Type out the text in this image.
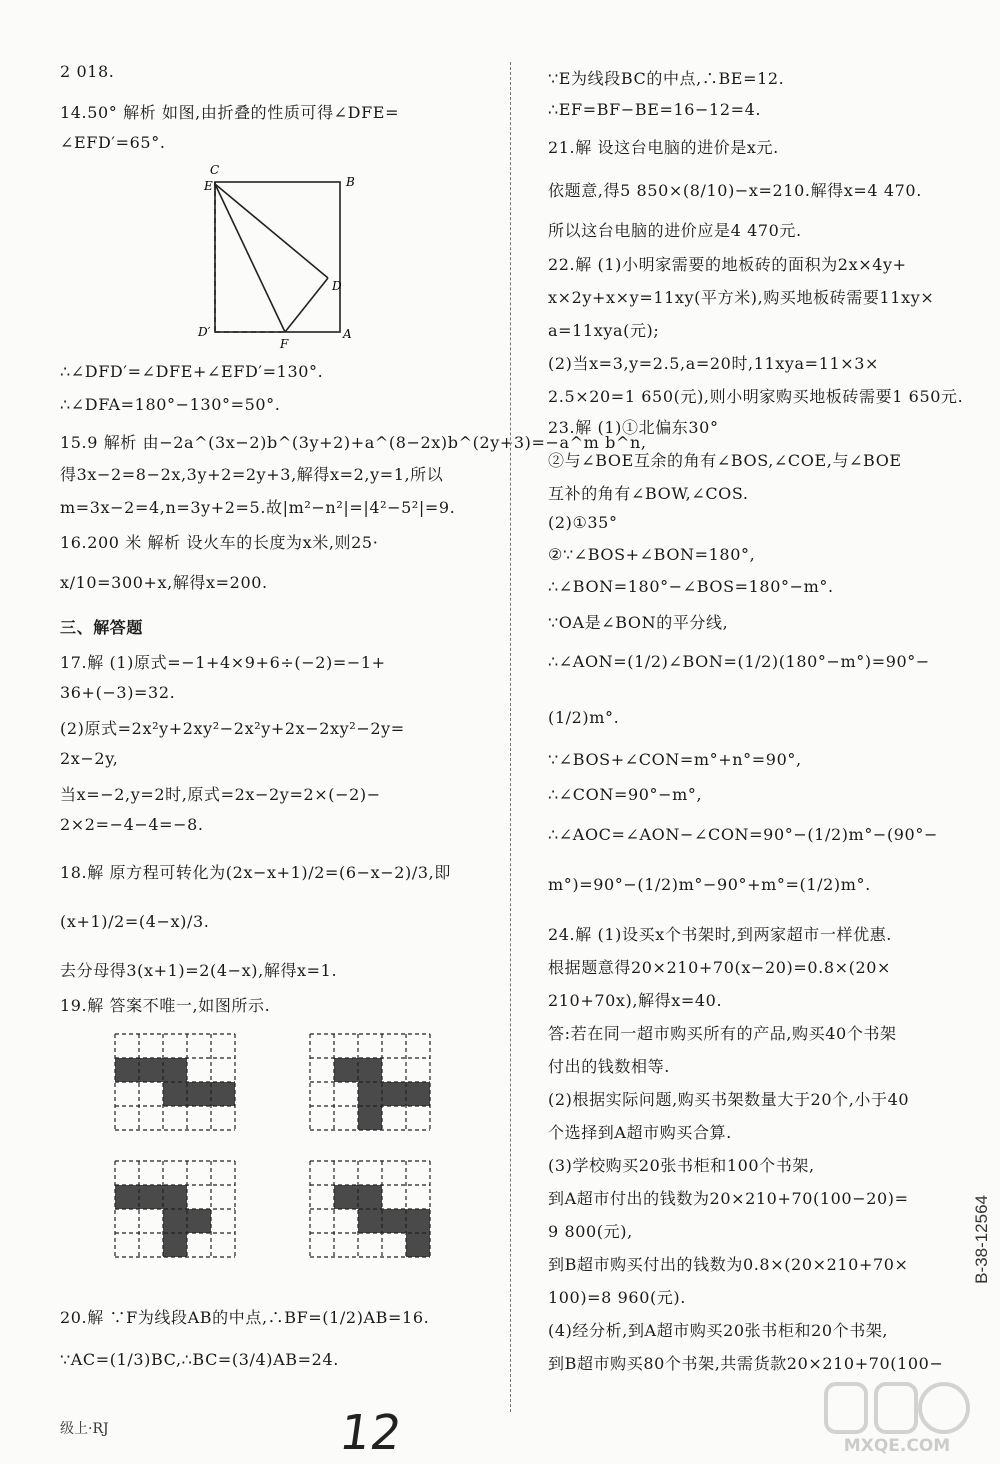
2 018.
14.50° 解析 如图,由折叠的性质可得∠DFE=
∠EFD′=65°.
C
E	B
D
D′
F
A
∴∠DFD′=∠DFE+∠EFD′=130°.
∴∠DFA=180°−130°=50°.
15.9 解析 由−2a^(3x−2)b^(3y+2)+a^(8−2x)b^(2y+3)=−a^m b^n,
得3x−2=8−2x,3y+2=2y+3,解得x=2,y=1,所以
m=3x−2=4,n=3y+2=5.故|m²−n²|=|4²−5²|=9.
16.200 米 解析 设火车的长度为x米,则25·
x/10=300+x,解得x=200.
三、解答题
17.解 (1)原式=−1+4×9+6÷(−2)=−1+
36+(−3)=32.
(2)原式=2x²y+2xy²−2x²y+2x−2xy²−2y=
2x−2y,
当x=−2,y=2时,原式=2x−2y=2×(−2)−
2×2=−4−4=−8.
18.解 原方程可转化为(2x−x+1)/2=(6−x−2)/3,即
(x+1)/2=(4−x)/3.
去分母得3(x+1)=2(4−x),解得x=1.
19.解 答案不唯一,如图所示.
20.解 ∵F为线段AB的中点,∴BF=(1/2)AB=16.
∵AC=(1/3)BC,∴BC=(3/4)AB=24.
∵E为线段BC的中点,∴BE=12.
∴EF=BF−BE=16−12=4.
21.解 设这台电脑的进价是x元.
依题意,得5 850×(8/10)−x=210.解得x=4 470.
所以这台电脑的进价应是4 470元.
22.解 (1)小明家需要的地板砖的面积为2x×4y+
x×2y+x×y=11xy(平方米),购买地板砖需要11xy×
a=11xya(元);
(2)当x=3,y=2.5,a=20时,11xya=11×3×
2.5×20=1 650(元),则小明家购买地板砖需要1 650元.
23.解 (1)①北偏东30°
②与∠BOE互余的角有∠BOS,∠COE,与∠BOE
互补的角有∠BOW,∠COS.
(2)①35°
②∵∠BOS+∠BON=180°,
∴∠BON=180°−∠BOS=180°−m°.
∵OA是∠BON的平分线,
∴∠AON=(1/2)∠BON=(1/2)(180°−m°)=90°−
(1/2)m°.
∵∠BOS+∠CON=m°+n°=90°,
∴∠CON=90°−m°,
∴∠AOC=∠AON−∠CON=90°−(1/2)m°−(90°−
m°)=90°−(1/2)m°−90°+m°=(1/2)m°.
24.解 (1)设买x个书架时,到两家超市一样优惠.
根据题意得20×210+70(x−20)=0.8×(20×
210+70x),解得x=40.
答:若在同一超市购买所有的产品,购买40个书架
付出的钱数相等.
(2)根据实际问题,购买书架数量大于20个,小于40
个选择到A超市购买合算.
(3)学校购买20张书柜和100个书架,
到A超市付出的钱数为20×210+70(100−20)=
9 800(元),
到B超市购买付出的钱数为0.8×(20×210+70×
100)=8 960(元).
(4)经分析,到A超市购买20张书柜和20个书架,
到B超市购买80个书架,共需货款20×210+70(100−
B-38-12564
级上·RJ	12	MXQE.COM
